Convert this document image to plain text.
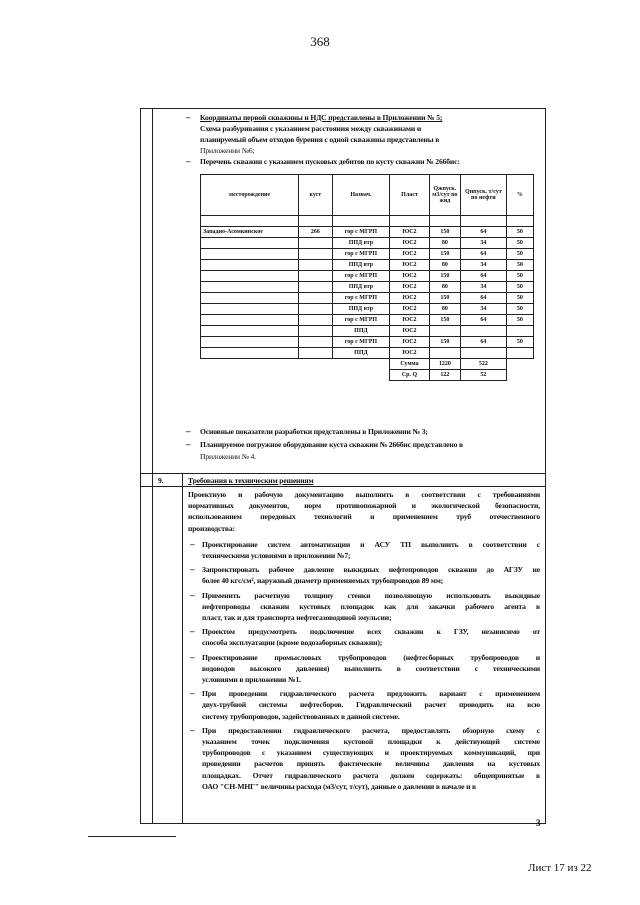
368
– Координаты первой скважины и НДС представлены в Приложении № 5;
Схема разбуривания с указанием расстояния между скважинами и
планируемый объем отходов бурения с одной скважины представлены в
Приложении №6;
– Перечень скважин с указанием пусковых дебитов по кусту скважин № 266бис:
месторождение	куст	Назнач.	Пласт	Qжпуск. м3/сут по жид	Qнпуск. т/сут по нефти	%

Западно-Асомкинское	266	гор с МГРП	ЮС2	150	64	50
		ППД втр	ЮС2	80	34	50
		гор с МГРП	ЮС2	150	64	50
		ППД втр	ЮС2	80	34	50
		гор с МГРП	ЮС2	150	64	50
		ППД втр	ЮС2	80	34	50
		гор с МГРП	ЮС2	150	64	50
		ППД втр	ЮС2	80	34	50
		гор с МГРП	ЮС2	150	64	50
		ППД	ЮС2			
		гор с МГРП	ЮС2	150	64	50
		ППД	ЮС2			
			Сумма	1220	522	
			Ср. Q	122	52	
– Основные показатели разработки представлены в Приложении № 3;
– Планируемое погружное оборудование куста скважин № 266бис представлено в
Приложении № 4.
9.	Требования к техническим решениям
Проектную и рабочую документацию выполнить в соответствии с требованиями
нормативных документов, норм противопожарной и экологической безопасности,
использованием передовых технологий и применением труб отечественного
производства:
– Проектирование систем автоматизации и АСУ ТП выполнить в соответствии с
техническими условиями в приложении №7;
– Запроектировать рабочее давление выкидных нефтепроводов скважин до АГЗУ не
более 40 кгс/см², наружный диаметр применяемых трубопроводов 89 мм;
– Применить расчетную толщину стенки позволяющую использовать выкидные
нефтепроводы скважин кустовых площадок как для закачки рабочего агента в
пласт, так и для транспорта нефтегазоводяной эмульсии;
– Проектом предусмотреть подключение всех скважин к ГЗУ, независимо от
способа эксплуатации (кроме водозаборных скважин);
– Проектирование промысловых трубопроводов (нефтесборных трубопроводов и
водоводов высокого давления) выполнить в соответствии с техническими
условиями в приложении №1.
– При проведении гидравлического расчета предложить вариант с применением
двух-трубной системы нефтесборов. Гидравлический расчет проводить на всю
систему трубопроводов, задействованных в данной системе.
– При предоставлении гидравлического расчета, предоставлять обзорную схему с
указанием точек подключения кустовой площадки к действующей системе
трубопроводов с указанием существующих и проектируемых коммуникаций, при
проведении расчетов принять фактические величины давления на кустовых
площадках. Отчет гидравлического расчета должен содержать: общепринятые в
ОАО "СН-МНГ" величины расхода (м3/сут, т/сут), данные о давлении в начале и в
3
Лист 17 из 22
